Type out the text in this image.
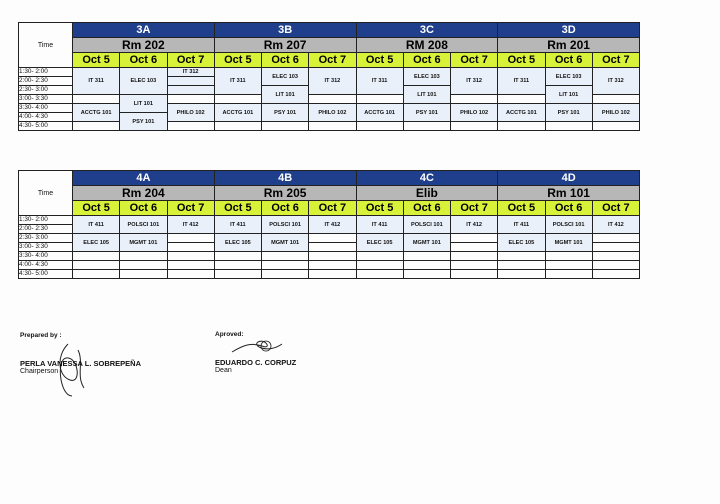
Time	3A			3B			3C			3D		
	Rm 202			Rm 207			RM 208			Rm 201		
	Oct 5	Oct 6	Oct 7	Oct 5	Oct 6	Oct 7	Oct 5	Oct 6	Oct 7	Oct 5	Oct 6	Oct 7
1:30- 2:00	IT 311	ELEC 103	IT 312	IT 311	ELEC 103	IT 312	IT 311	ELEC 103	IT 312	IT 311	ELEC 103	IT 312
2:00- 2:30												
2:30- 3:00					LIT 101			LIT 101			LIT 101	
3:00- 3:30		LIT 101										
3:30- 4:00	ACCTG 101		PHILO 102	ACCTG 101	PSY 101	PHILO 102	ACCTG 101	PSY 101	PHILO 102	ACCTG 101	PSY 101	PHILO 102
4:00- 4:30		PSY 101										
4:30- 5:00												
Time	4A			4B			4C			4D		
	Rm 204			Rm 205			Elib			Rm 101		
	Oct 5	Oct 6	Oct 7	Oct 5	Oct 6	Oct 7	Oct 5	Oct 6	Oct 7	Oct 5	Oct 6	Oct 7
1:30- 2:00	IT 411	POLSCI 101	IT 412	IT 411	POLSCI 101	IT 412	IT 411	POLSCI 101	IT 412	IT 411	POLSCI 101	IT 412
2:00- 2:30												
2:30- 3:00	ELEC 105	MGMT 101		ELEC 105	MGMT 101		ELEC 105	MGMT 101		ELEC 105	MGMT 101	
3:00- 3:30												
3:30- 4:00												
4:00- 4:30												
4:30- 5:00												
Prepared by :
PERLA VANESSA L. SOBREPEÑA
Chairperson
Aproved:
EDUARDO C. CORPUZ
Dean
